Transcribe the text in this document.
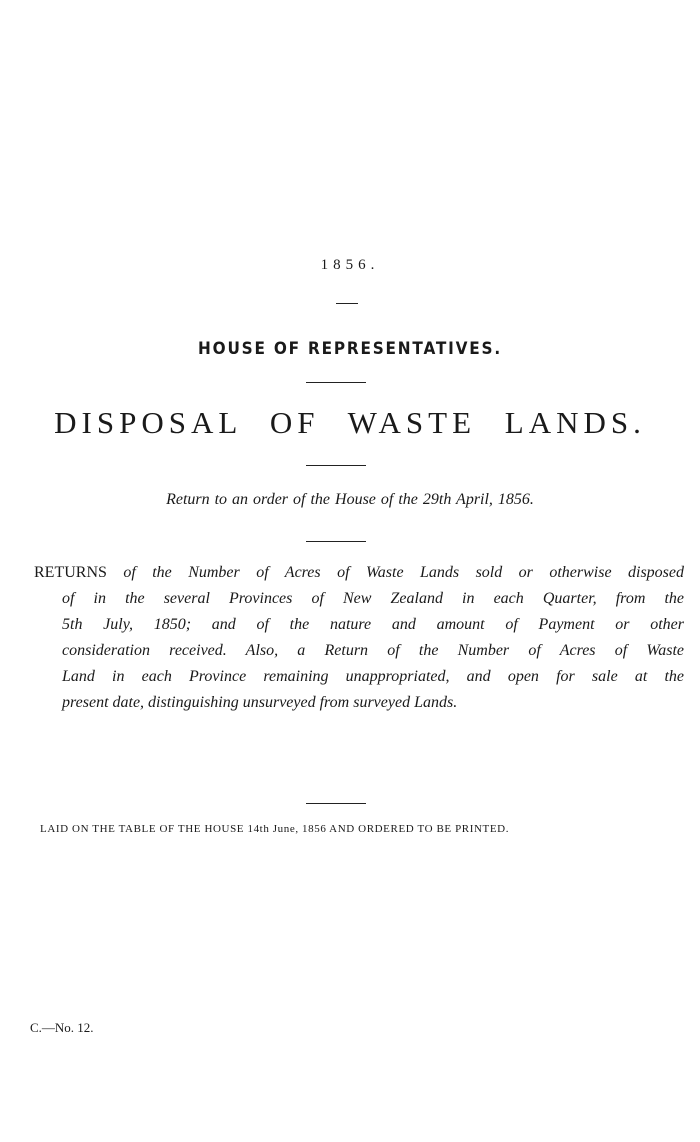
1856.
HOUSE OF REPRESENTATIVES.
DISPOSAL OF WASTE LANDS.
Return to an order of the House of the 29th April, 1856.
RETURNS of the Number of Acres of Waste Lands sold or otherwise disposed
of in the several Provinces of New Zealand in each Quarter, from the
5th July, 1850; and of the nature and amount of Payment or other
consideration received. Also, a Return of the Number of Acres of Waste
Land in each Province remaining unappropriated, and open for sale at the
present date, distinguishing unsurveyed from surveyed Lands.
LAID ON THE TABLE OF THE HOUSE 14th June, 1856 AND ORDERED TO BE PRINTED.
C.—No. 12.
